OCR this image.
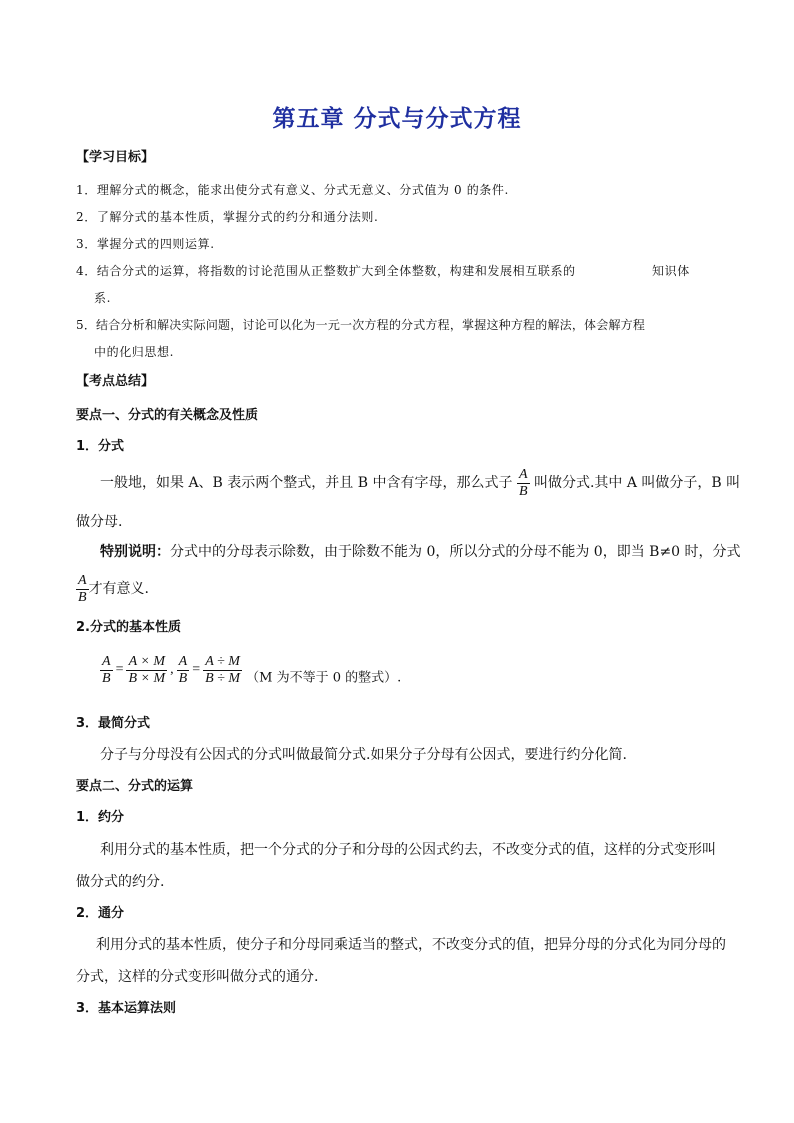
第五章 分式与分式方程
【学习目标】
1．理解分式的概念，能求出使分式有意义、分式无意义、分式值为 0 的条件.
2．了解分式的基本性质，掌握分式的约分和通分法则.
3．掌握分式的四则运算.
4．结合分式的运算，将指数的讨论范围从正整数扩大到全体整数，构建和发展相互联系的	知识体
系.
5．结合分析和解决实际问题，讨论可以化为一元一次方程的分式方程，掌握这种方程的解法，体会解方程
中的化归思想.
【考点总结】
要点一、分式的有关概念及性质
1．分式
一般地，如果 A、B 表示两个整式，并且 B 中含有字母，那么式子 $\frac{A}{B}$ 叫做分式.其中 A 叫做分子，B 叫
做分母.
特别说明：分式中的分母表示除数，由于除数不能为 0，所以分式的分母不能为 0，即当 B≠0 时，分式
$\frac{A}{B}$ 才有意义.
2.分式的基本性质
$\frac{A}{B} = \frac{A \times M}{B \times M}$ , $\frac{A}{B} = \frac{A \div M}{B \div M} (M$ 为不等于 0 的整式）.
3．最简分式
分子与分母没有公因式的分式叫做最简分式.如果分子分母有公因式，要进行约分化简.
要点二、分式的运算
1．约分
利用分式的基本性质，把一个分式的分子和分母的公因式约去，不改变分式的值，这样的分式变形叫
做分式的约分.
2．通分
利用分式的基本性质，使分子和分母同乘适当的整式，不改变分式的值，把异分母的分式化为同分母的
分式，这样的分式变形叫做分式的通分.
3．基本运算法则
